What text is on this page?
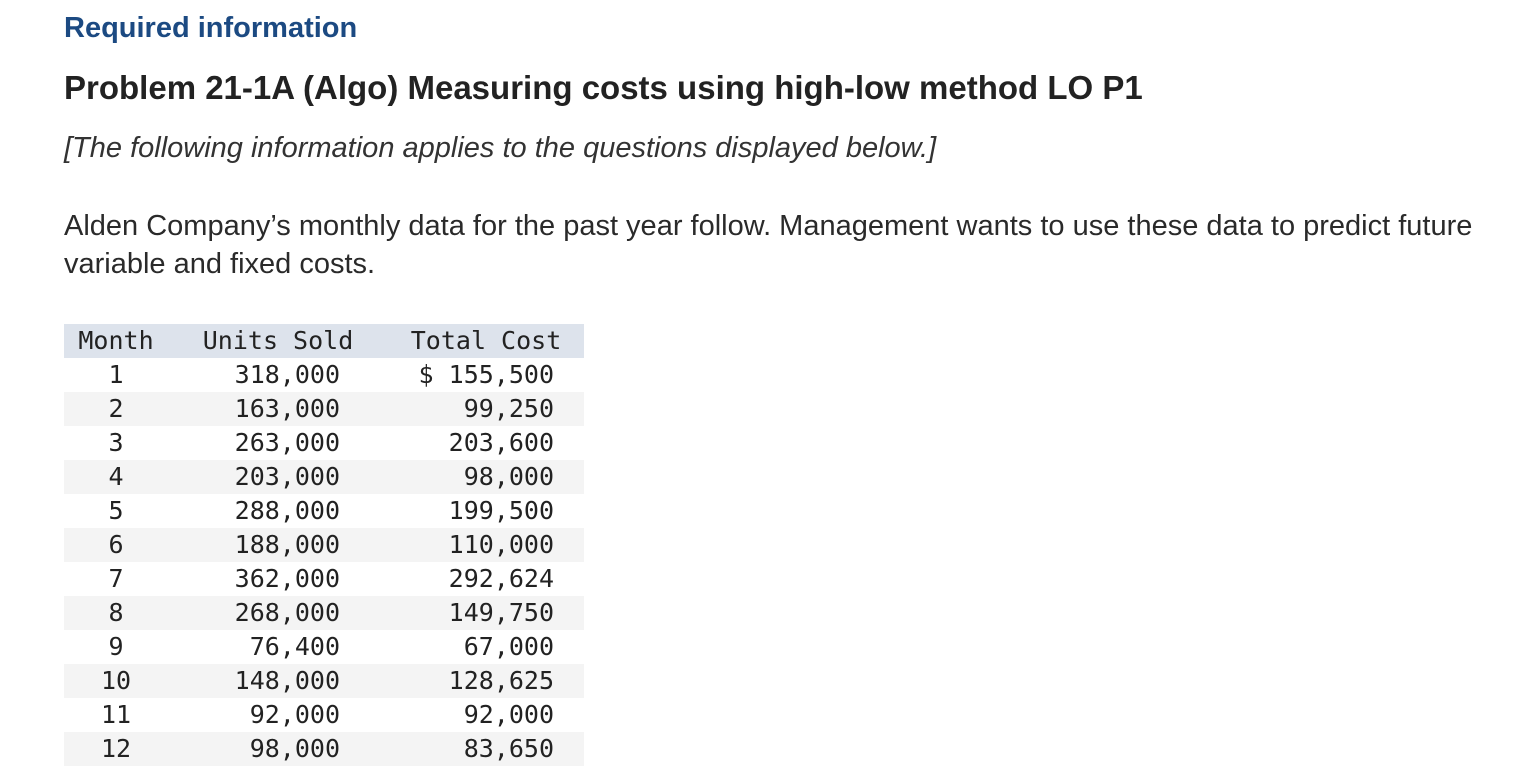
Required information
Problem 21-1A (Algo) Measuring costs using high-low method LO P1

[The following information applies to the questions displayed below.]

Alden Company’s monthly data for the past year follow. Management wants to use these data to predict future variable and fixed costs.

Month	Units Sold	Total Cost
1	318,000	$ 155,500
2	163,000	99,250
3	263,000	203,600
4	203,000	98,000
5	288,000	199,500
6	188,000	110,000
7	362,000	292,624
8	268,000	149,750
9	76,400	67,000
10	148,000	128,625
11	92,000	92,000
12	98,000	83,650
